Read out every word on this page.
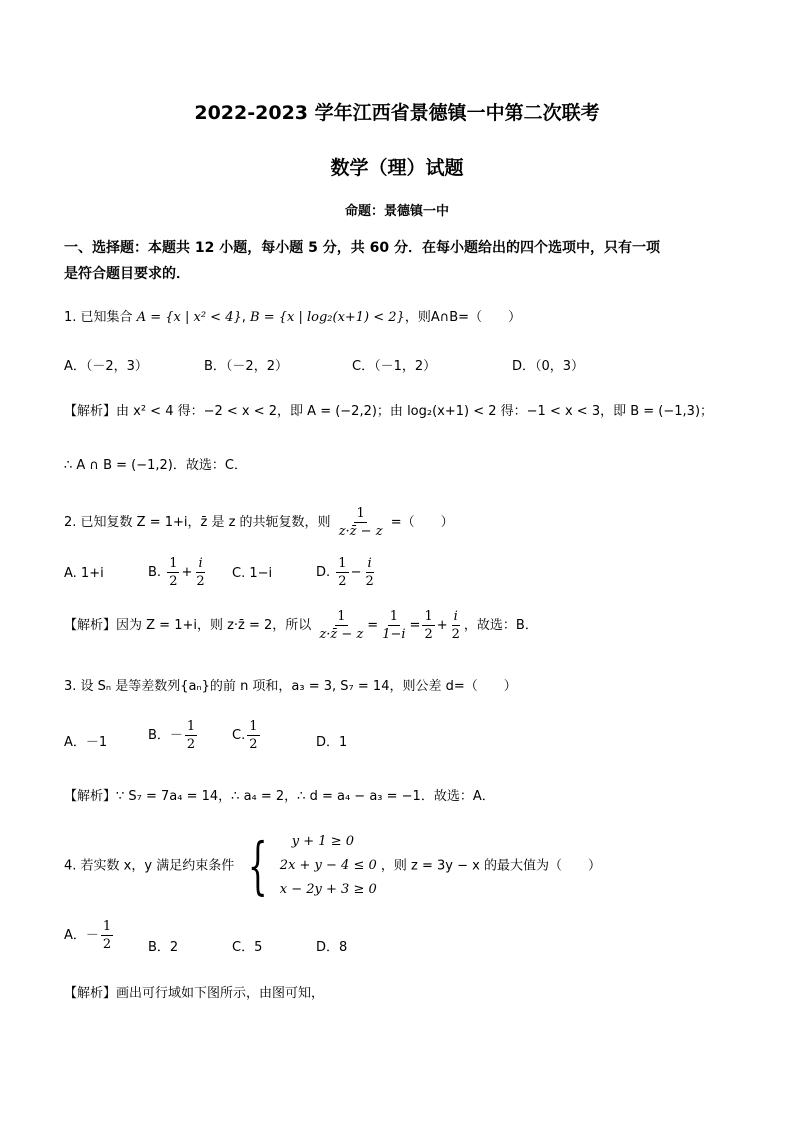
2022-2023 学年江西省景德镇一中第二次联考
数学（理）试题
命题：景德镇一中
一、选择题：本题共 12 小题，每小题 5 分，共 60 分．在每小题给出的四个选项中，只有一项
是符合题目要求的．
1. 已知集合 A = {x | x² < 4}, B = {x | log₂(x+1) < 2}，则A∩B=（　　）
A．（－2，3）	B．（－2，2）	C．（－1，2）	D．（0，3）
【解析】由 x² < 4 得：−2 < x < 2，即 A = (−2,2)；由 log₂(x+1) < 2 得：−1 < x < 3，即 B = (−1,3)；
∴ A ∩ B = (−1,2)．故选：C．
2. 已知复数 Z = 1+i，z̄ 是 z 的共轭复数，则 $\frac{1}{z\cdot z̄ - z}$ =（　　）
A. 1+i	B. $\frac{1}{2} + \frac{i}{2} C$. 1−i	D. $\frac{1}{2} - \frac{i}{2}$
【解析】因为 Z = 1+i，则 z·z̄ = 2，所以 $\frac{1}{z\cdot z̄ - z} = \frac{1}{1-i} = \frac{1}{2} + \frac{i}{2}$ ，故选：B．
3. 设 Sₙ 是等差数列{aₙ}的前 n 项和，a₃ = 3, S₇ = 14，则公差 d=（　　）
A．－1	B．－ $\frac{1}{2}$	C. $\frac{1}{2}$	D．1
【解析】∵ S₇ = 7a₄ = 14，∴ a₄ = 2，∴ d = a₄ − a₃ = −1．故选：A．
4. 若实数 x，y 满足约束条件 {	y + 1 ≥ 0
2x + y − 4 ≤ 0
x − 2y + 3 ≥ 0
，则 z = 3y − x 的最大值为（　　）
A．－ $\frac{1}{2}$	B．2	C．5	D．8
【解析】画出可行域如下图所示，由图可知，
